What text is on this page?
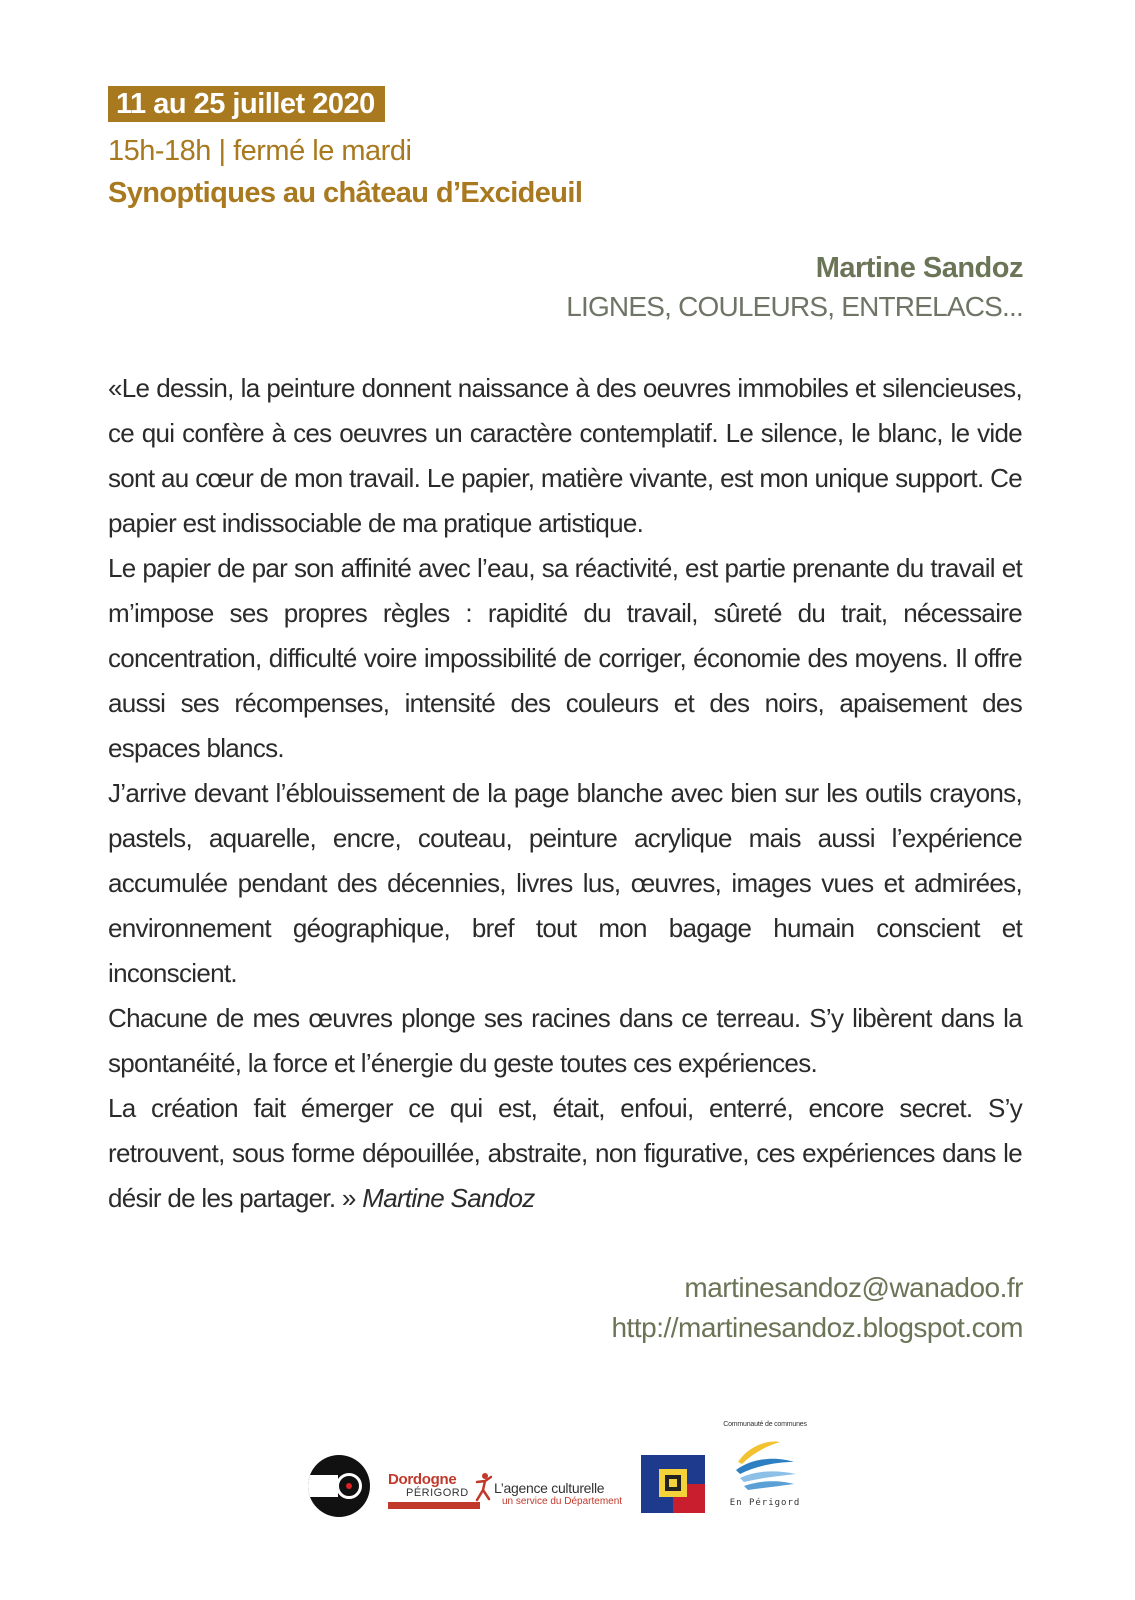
11 au 25 juillet 2020
15h-18h | fermé le mardi
Synoptiques au château d’Excideuil
Martine Sandoz
LIGNES, COULEURS, ENTRELACS...

«Le dessin, la peinture donnent naissance à des oeuvres immobiles et silencieuses, ce qui confère à ces oeuvres un caractère contemplatif. Le silence, le blanc, le vide sont au cœur de mon travail. Le papier, matière vivante, est mon unique support. Ce papier est indissociable de ma pratique artistique.

Le papier de par son affinité avec l’eau, sa réactivité, est partie prenante du travail et m’impose ses propres règles : rapidité du travail, sûreté du trait, nécessaire concentration, difficulté voire impossibilité de corriger, économie des moyens. Il offre aussi ses récompenses, intensité des couleurs et des noirs, apaisement des espaces blancs.

J’arrive devant l’éblouissement de la page blanche avec bien sur les outils crayons, pastels, aquarelle, encre, couteau, peinture acrylique mais aussi l’expérience accumulée pendant des décennies, livres lus, œuvres, images vues et admirées, environnement géographique, bref tout mon bagage humain conscient et inconscient.

Chacune de mes œuvres plonge ses racines dans ce terreau. S’y libèrent dans la spontanéité, la force et l’énergie du geste toutes ces expériences.

La création fait émerger ce qui est, était, enfoui, enterré, encore secret. S’y retrouvent, sous forme dépouillée, abstraite, non figurative, ces expériences dans le désir de les partager. » Martine Sandoz

martinesandoz@wanadoo.fr
http://martinesandoz.blogspot.com
Dordogne
PÉRIGORD L’agence culturelle
un service du Département
Communauté de communes
En Périgord
